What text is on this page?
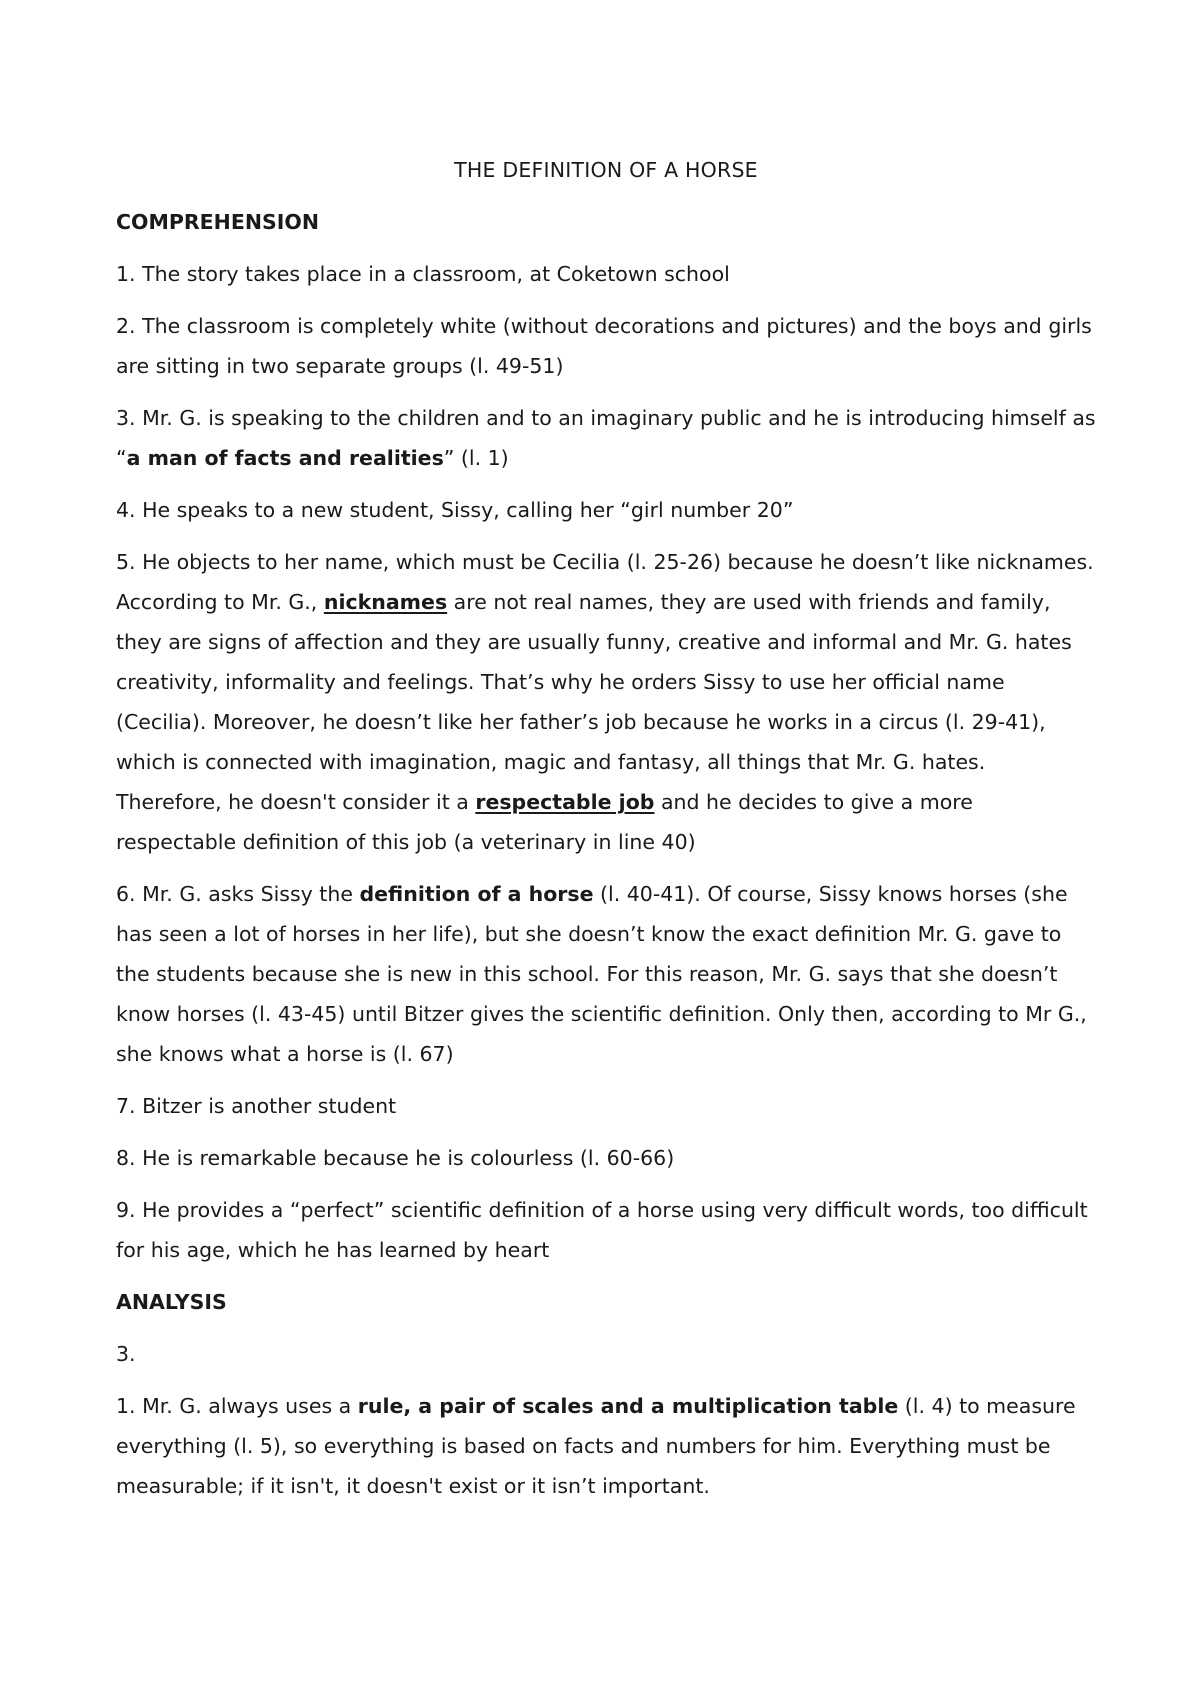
THE DEFINITION OF A HORSE
COMPREHENSION

1. The story takes place in a classroom, at Coketown school

2. The classroom is completely white (without decorations and pictures) and the boys and girls are sitting in two separate groups (l. 49-51)

3. Mr. G. is speaking to the children and to an imaginary public and he is introducing himself as “a man of facts and realities” (l. 1)

4. He speaks to a new student, Sissy, calling her “girl number 20”

5. He objects to her name, which must be Cecilia (l. 25-26) because he doesn’t like nicknames. According to Mr. G., nicknames are not real names, they are used with friends and family, they are signs of affection and they are usually funny, creative and informal and Mr. G. hates creativity, informality and feelings. That’s why he orders Sissy to use her official name (Cecilia). Moreover, he doesn’t like her father’s job because he works in a circus (l. 29-41), which is connected with imagination, magic and fantasy, all things that Mr. G. hates. Therefore, he doesn't consider it a respectable job and he decides to give a more respectable definition of this job (a veterinary in line 40)

6. Mr. G. asks Sissy the definition of a horse (l. 40-41). Of course, Sissy knows horses (she has seen a lot of horses in her life), but she doesn’t know the exact definition Mr. G. gave to the students because she is new in this school. For this reason, Mr. G. says that she doesn’t know horses (l. 43-45) until Bitzer gives the scientific definition. Only then, according to Mr G., she knows what a horse is (l. 67)

7. Bitzer is another student

8. He is remarkable because he is colourless (l. 60-66)

9. He provides a “perfect” scientific definition of a horse using very difficult words, too difficult for his age, which he has learned by heart

ANALYSIS

3.

1. Mr. G. always uses a rule, a pair of scales and a multiplication table (l. 4) to measure everything (l. 5), so everything is based on facts and numbers for him. Everything must be measurable; if it isn't, it doesn't exist or it isn’t important.
